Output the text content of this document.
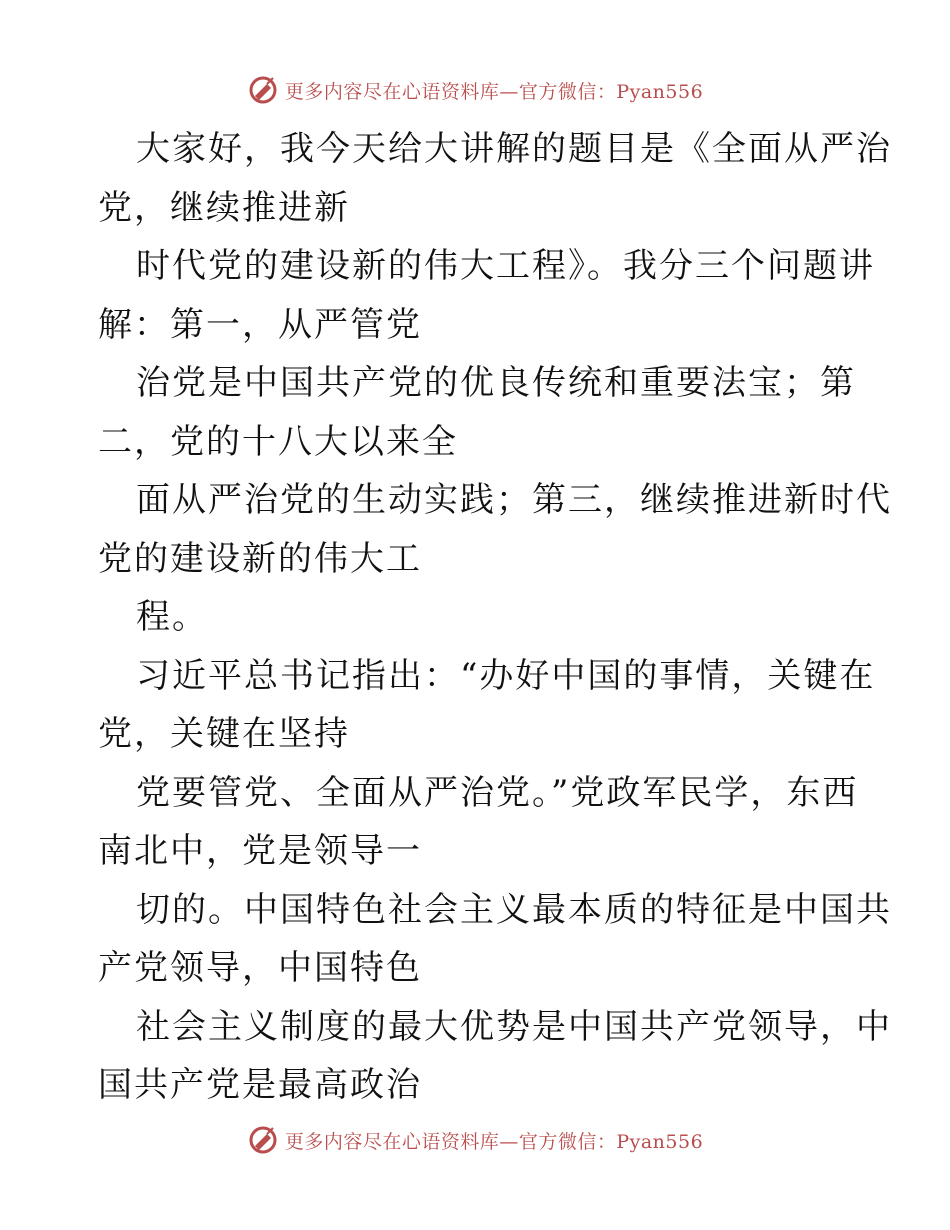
更多内容尽在心语资料库—官方微信：Pyan556
大家好，我今天给大讲解的题目是《全面从严治
党，继续推进新
时代党的建设新的伟大工程》。我分三个问题讲
解：第一，从严管党
治党是中国共产党的优良传统和重要法宝；第
二，党的十八大以来全
面从严治党的生动实践；第三，继续推进新时代
党的建设新的伟大工
程。
习近平总书记指出：“办好中国的事情，关键在
党，关键在坚持
党要管党、全面从严治党。”党政军民学，东西
南北中，党是领导一
切的。中国特色社会主义最本质的特征是中国共
产党领导，中国特色
社会主义制度的最大优势是中国共产党领导，中
国共产党是最高政治
更多内容尽在心语资料库—官方微信：Pyan556
